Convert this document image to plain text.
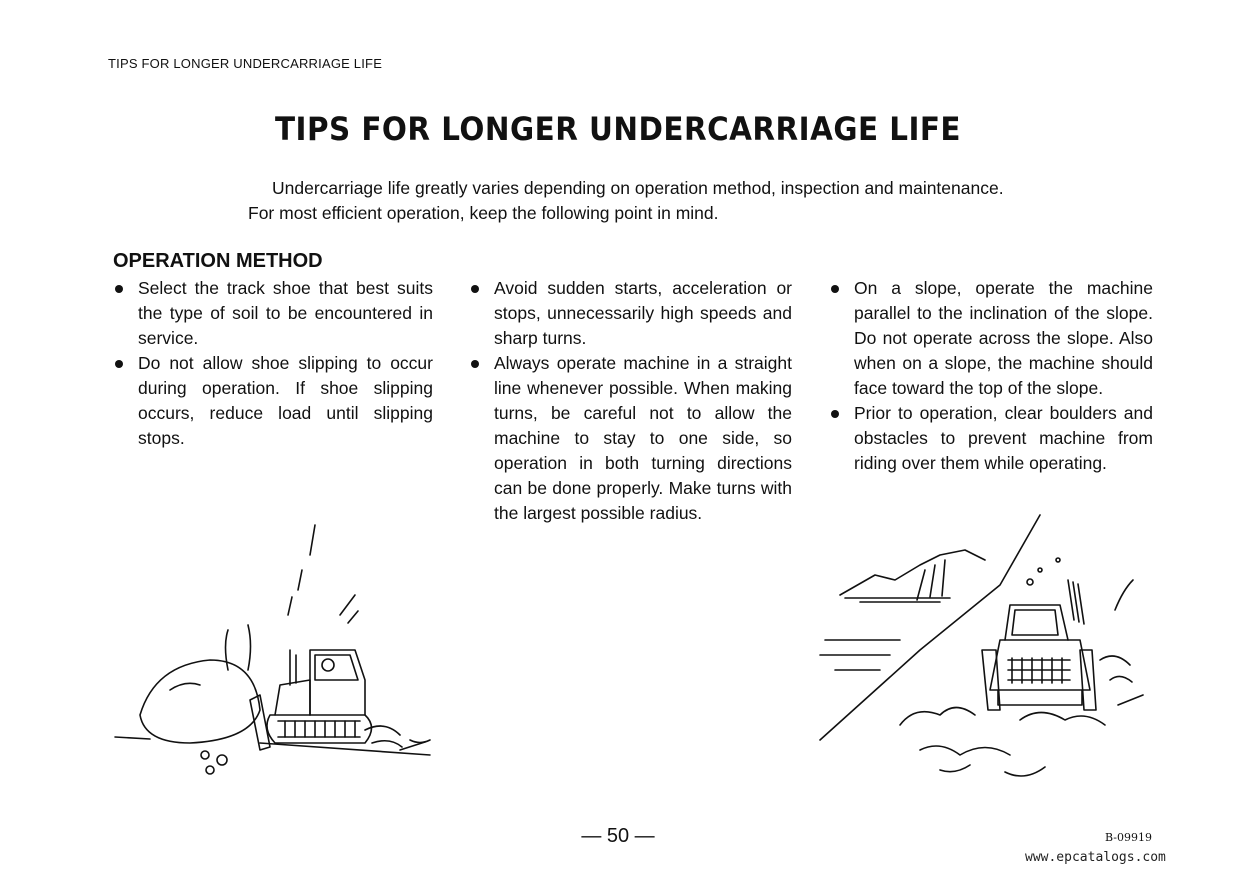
TIPS FOR LONGER UNDERCARRIAGE LIFE
TIPS FOR LONGER UNDERCARRIAGE LIFE

Undercarriage life greatly varies depending on operation method, inspection and maintenance. For most efficient operation, keep the following point in mind.

OPERATION METHOD
Select the track shoe that best suits the type of soil to be encountered in service.
Do not allow shoe slipping to occur during operation. If shoe slipping occurs, reduce load until slipping stops.
Avoid sudden starts, acceleration or stops, unnecessarily high speeds and sharp turns.
Always operate machine in a straight line whenever possible. When making turns, be careful not to allow the machine to stay to one side, so operation in both turning directions can be done properly. Make turns with the largest possible radius.
On a slope, operate the machine parallel to the inclination of the slope. Do not operate across the slope. Also when on a slope, the machine should face toward the top of the slope.
Prior to operation, clear boulders and obstacles to prevent machine from riding over them while operating.
— 50 —	B-09919
www.epcatalogs.com
